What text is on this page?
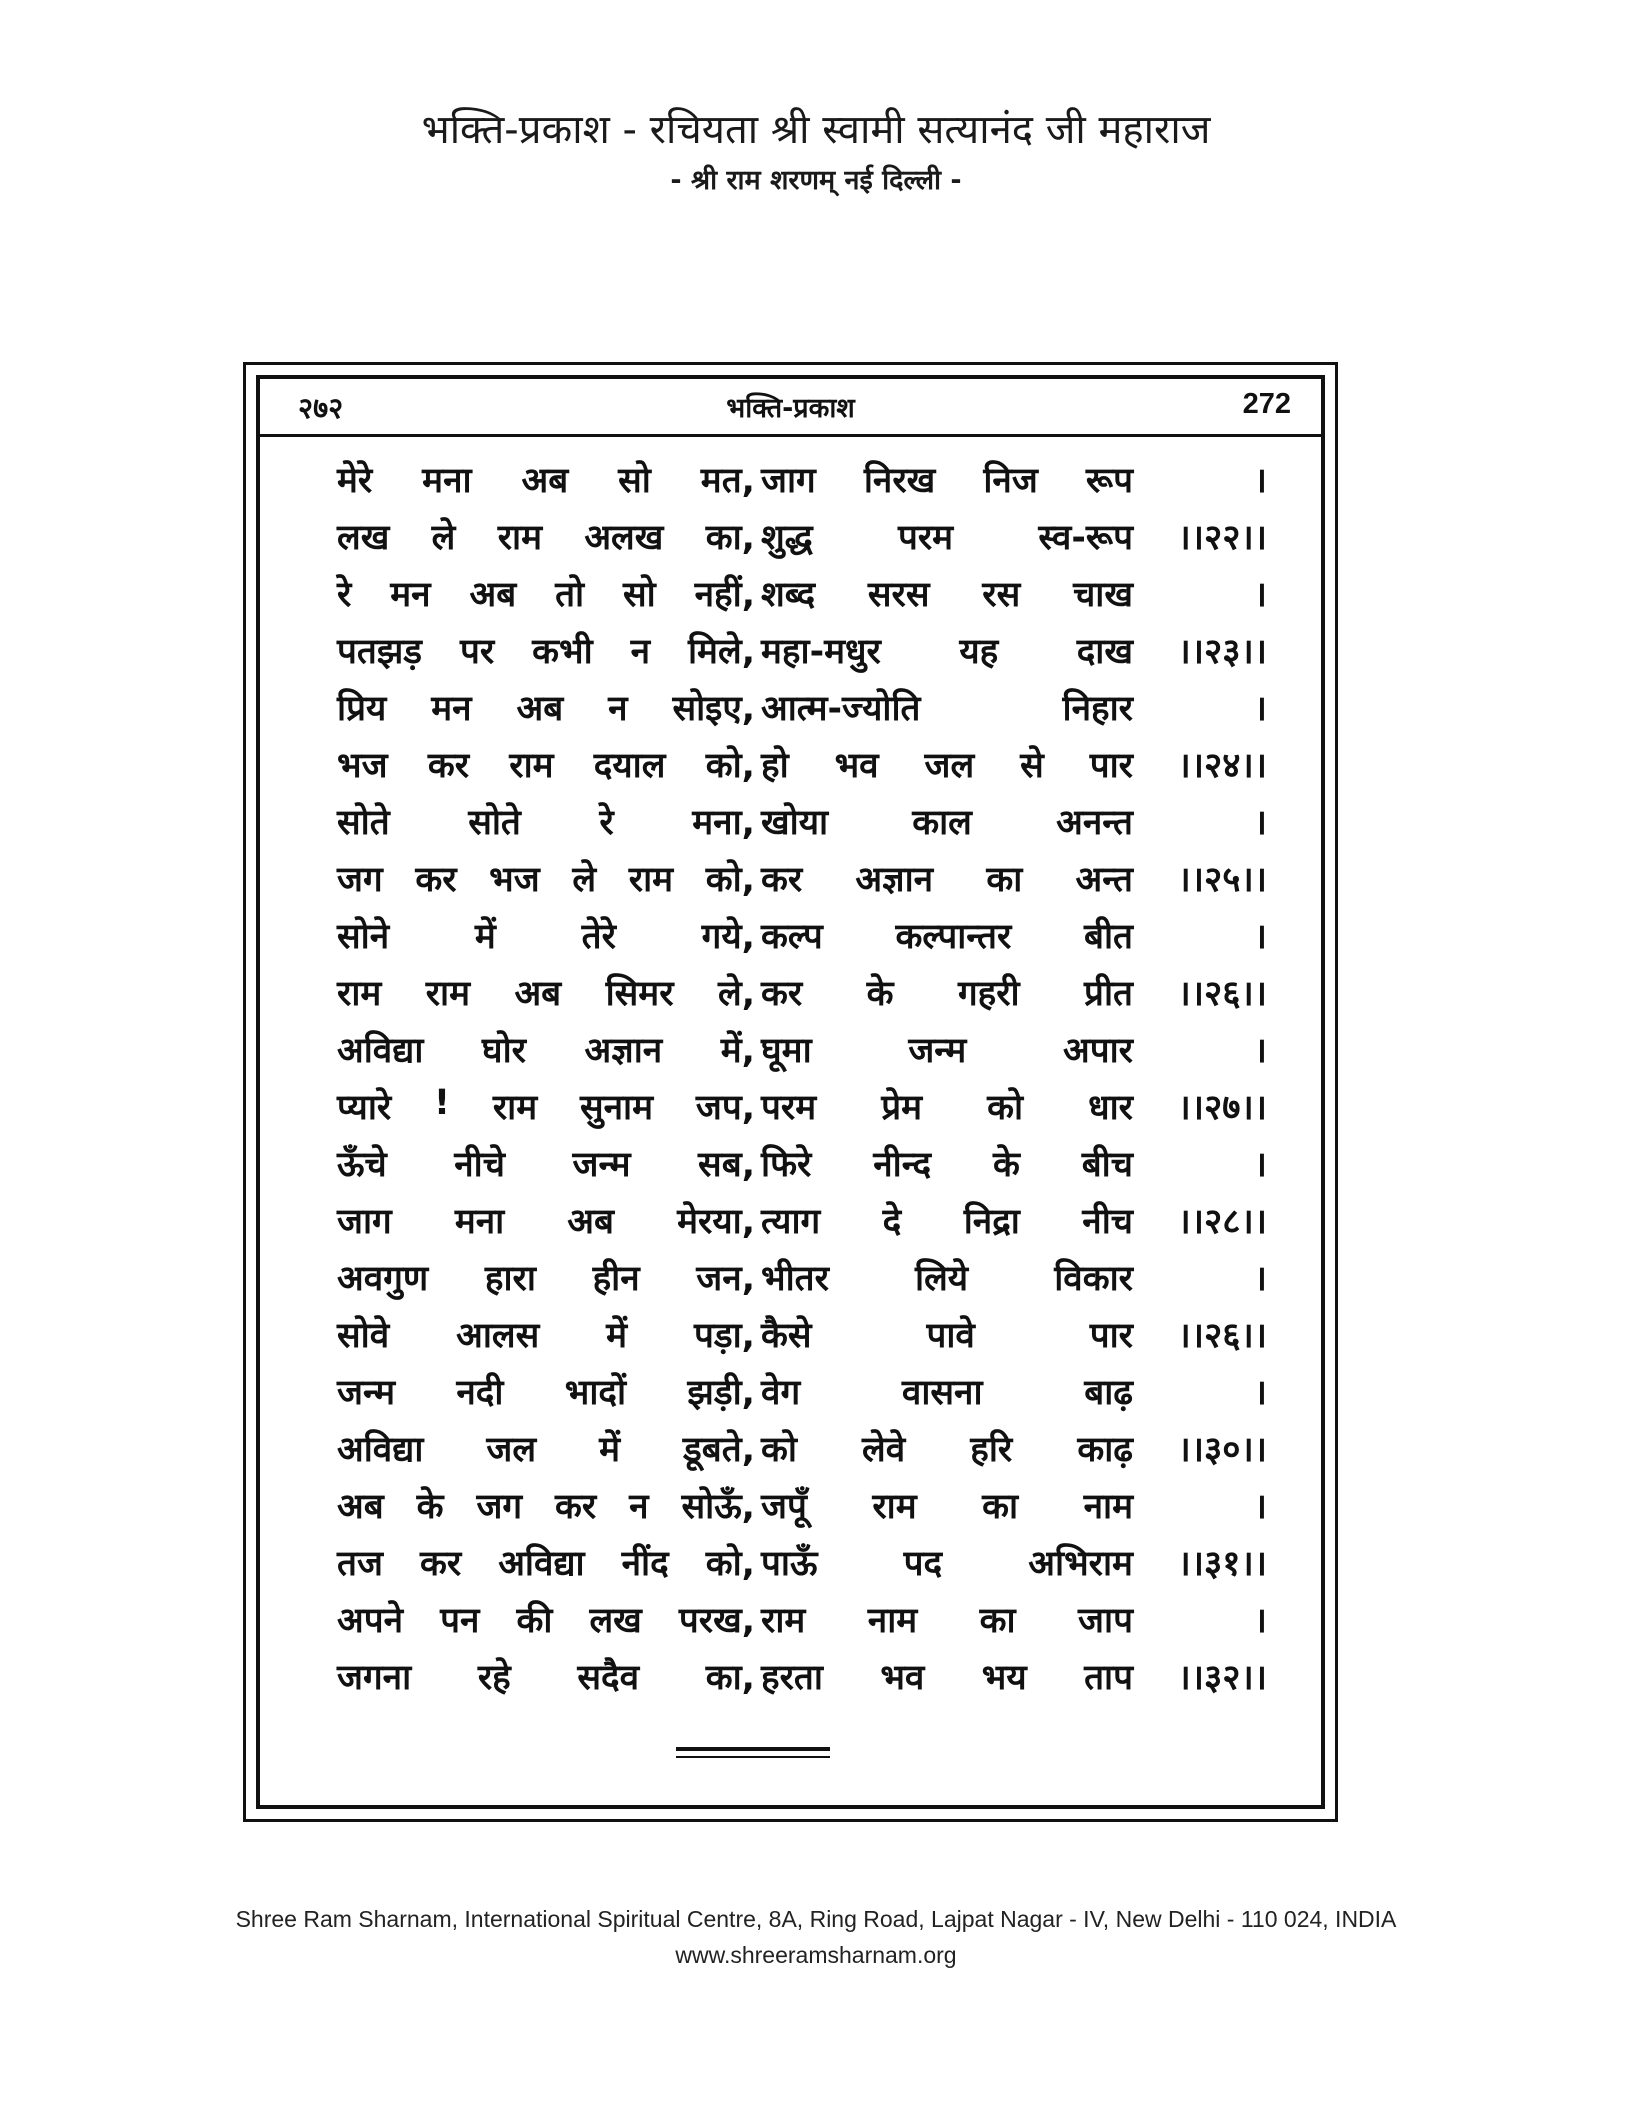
भक्ति-प्रकाश - रचियता श्री स्वामी सत्यानंद जी महाराज
- श्री राम शरणम् नई दिल्ली -
२७२	भक्ति-प्रकाश	272
मेरे मना अब सो मत, जाग निरख निज रूप	।
लख ले राम अलख का, शुद्ध परम स्व-रूप	।।२२।।
रे मन अब तो सो नहीं, शब्द सरस रस चाख	।
पतझड़ पर कभी न मिले, महा-मधुर यह दाख	।।२३।।
प्रिय मन अब न सोइए, आत्म-ज्योति	निहार	।
भज कर राम दयाल को, हो भव जल से पार	।।२४।।
सोते सोते रे मना, खोया काल अनन्त	।
जग कर भज ले राम को, कर अज्ञान का अन्त	।।२५।।
सोने में तेरे गये, कल्प कल्पान्तर बीत	।
राम राम अब सिमर ले, कर के गहरी प्रीत	।।२६।।
अविद्या घोर अज्ञान में, घूमा	जन्म	अपार	।
प्यारे ! राम सुनाम जप, परम प्रेम को धार	।।२७।।
ऊँचे नीचे जन्म सब, फिरे नीन्द के बीच	।
जाग मना अब मेरया, त्याग दे निद्रा नीच	।।२८।।
अवगुण हारा हीन जन, भीतर लिये विकार	।
सोवे आलस में पड़ा, कैसे	पावे	पार	।।२६।।
जन्म नदी भादों झड़ी, वेग	वासना	बाढ़	।
अविद्या जल में डूबते, को लेवे हरि काढ़	।।३०।।
अब के जग कर न सोऊँ, जपूँ राम का नाम	।
तज कर अविद्या नींद को, पाऊँ पद अभिराम	।।३१।।
अपने पन की लख परख, राम नाम का जाप	।
जगना रहे सदैव का, हरता भव भय ताप	।।३२।।
Shree Ram Sharnam, International Spiritual Centre, 8A, Ring Road, Lajpat Nagar - IV, New Delhi - 110 024, INDIA
www.shreeramsharnam.org
